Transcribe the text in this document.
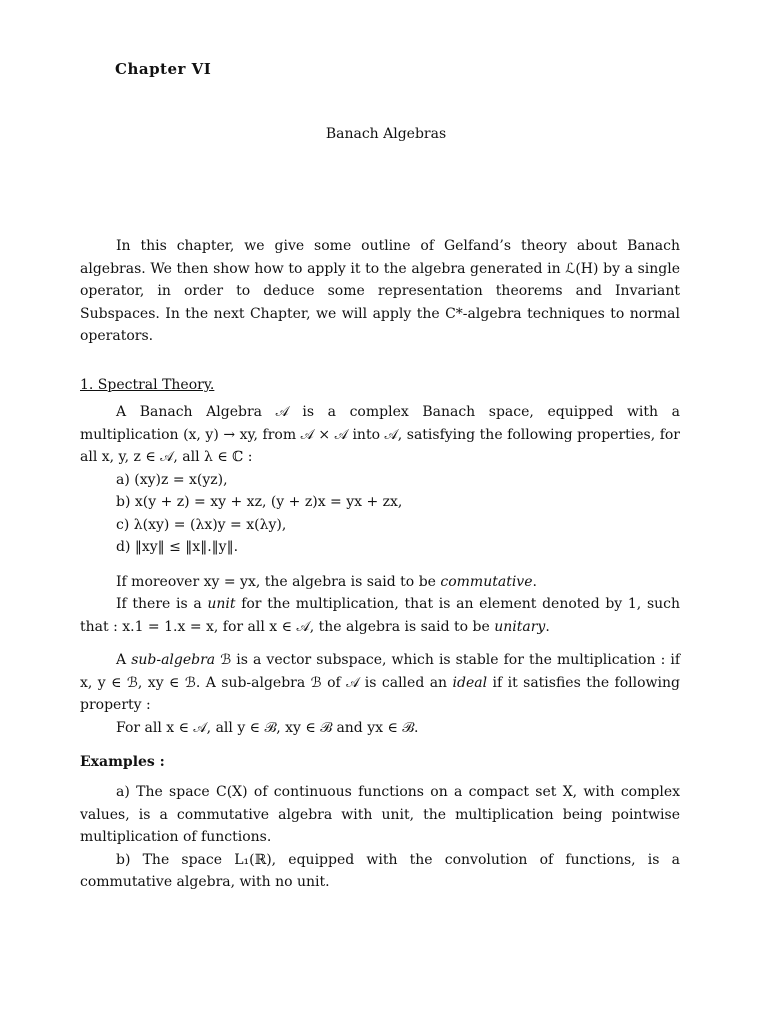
Chapter VI
Banach Algebras

In this chapter, we give some outline of Gelfand’s theory about Banach algebras. We then show how to apply it to the algebra generated in ℒ(H) by a single operator, in order to deduce some representation theorems and Invariant Subspaces. In the next Chapter, we will apply the C*-algebra techniques to normal operators.

1. Spectral Theory.

A Banach Algebra 𝒜 is a complex Banach space, equipped with a multiplication (x, y) → xy, from 𝒜 × 𝒜 into 𝒜, satisfying the following properties, for all x, y, z ∈ 𝒜, all λ ∈ ℂ :

a) (xy)z = x(yz),
b) x(y + z) = xy + xz, (y + z)x = yx + zx,
c) λ(xy) = (λx)y = x(λy),
d) ‖xy‖ ≤ ‖x‖.‖y‖.

If moreover xy = yx, the algebra is said to be commutative.

If there is a unit for the multiplication, that is an element denoted by 1, such that : x.1 = 1.x = x, for all x ∈ 𝒜, the algebra is said to be unitary.

A sub-algebra ℬ is a vector subspace, which is stable for the multiplication : if x, y ∈ ℬ, xy ∈ ℬ. A sub-algebra ℬ of 𝒜 is called an ideal if it satisfies the following property :

For all x ∈ 𝒜, all y ∈ ℬ, xy ∈ ℬ and yx ∈ ℬ.

Examples :

a) The space C(X) of continuous functions on a compact set X, with complex values, is a commutative algebra with unit, the multiplication being pointwise multiplication of functions.

b) The space L₁(ℝ), equipped with the convolution of functions, is a commutative algebra, with no unit.
